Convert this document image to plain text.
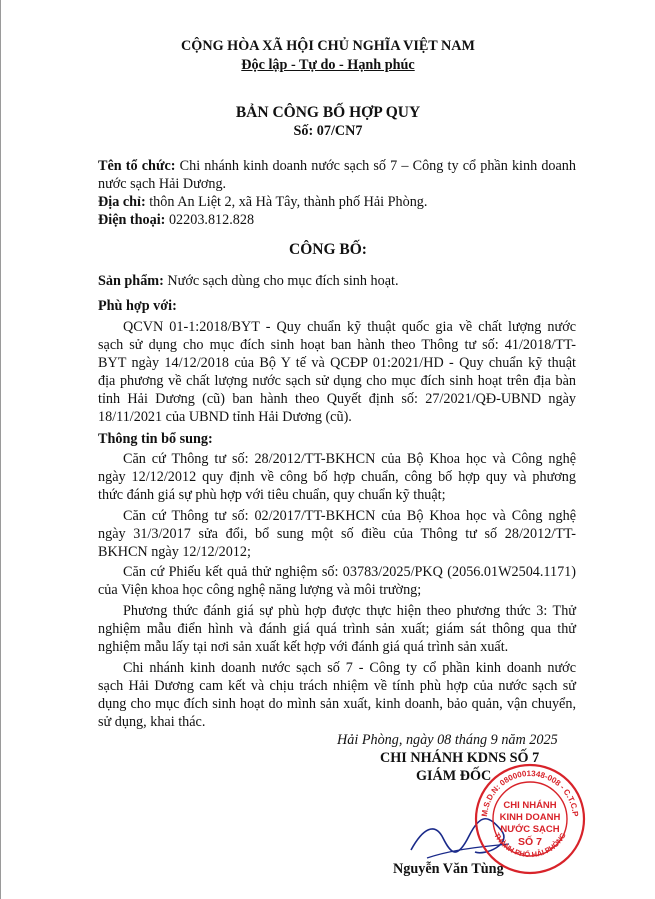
CỘNG HÒA XÃ HỘI CHỦ NGHĨA VIỆT NAM
Độc lập - Tự do - Hạnh phúc
BẢN CÔNG BỐ HỢP QUY
Số: 07/CN7
Tên tổ chức: Chi nhánh kinh doanh nước sạch số 7 – Công ty cổ phần kinh doanh
nước sạch Hải Dương.
Địa chỉ: thôn An Liệt 2, xã Hà Tây, thành phố Hải Phòng.
Điện thoại: 02203.812.828
CÔNG BỐ:
Sản phẩm: Nước sạch dùng cho mục đích sinh hoạt.
Phù hợp với:
QCVN 01-1:2018/BYT - Quy chuẩn kỹ thuật quốc gia về chất lượng nước
sạch sử dụng cho mục đích sinh hoạt ban hành theo Thông tư số: 41/2018/TT-
BYT ngày 14/12/2018 của Bộ Y tế và QCĐP 01:2021/HD - Quy chuẩn kỹ thuật
địa phương về chất lượng nước sạch sử dụng cho mục đích sinh hoạt trên địa bàn
tỉnh Hải Dương (cũ) ban hành theo Quyết định số: 27/2021/QĐ-UBND ngày
18/11/2021 của UBND tỉnh Hải Dương (cũ).
Thông tin bổ sung:
Căn cứ Thông tư số: 28/2012/TT-BKHCN của Bộ Khoa học và Công nghệ
ngày 12/12/2012 quy định về công bố hợp chuẩn, công bố hợp quy và phương
thức đánh giá sự phù hợp với tiêu chuẩn, quy chuẩn kỹ thuật;
Căn cứ Thông tư số: 02/2017/TT-BKHCN của Bộ Khoa học và Công nghệ
ngày 31/3/2017 sửa đổi, bổ sung một số điều của Thông tư số 28/2012/TT-
BKHCN ngày 12/12/2012;
Căn cứ Phiếu kết quả thử nghiệm số: 03783/2025/PKQ (2056.01W2504.1171)
của Viện khoa học công nghệ năng lượng và môi trường;
Phương thức đánh giá sự phù hợp được thực hiện theo phương thức 3: Thử
nghiệm mẫu điển hình và đánh giá quá trình sản xuất; giám sát thông qua thử
nghiệm mẫu lấy tại nơi sản xuất kết hợp với đánh giá quá trình sản xuất.
Chi nhánh kinh doanh nước sạch số 7 - Công ty cổ phần kinh doanh nước
sạch Hải Dương cam kết và chịu trách nhiệm về tính phù hợp của nước sạch sử
dụng cho mục đích sinh hoạt do mình sản xuất, kinh doanh, bảo quản, vận chuyển,
sử dụng, khai thác.
Hải Phòng, ngày 08 tháng 9 năm 2025
CHI NHÁNH KDNS SỐ 7
GIÁM ĐỐC
Nguyễn Văn Tùng
M.S.D.N: 0800001348-008 - C.T.C.P
THÀNH PHỐ HẢI PHÒNG
CHI NHÁNH
KINH DOANH
NƯỚC SẠCH
SỐ 7
